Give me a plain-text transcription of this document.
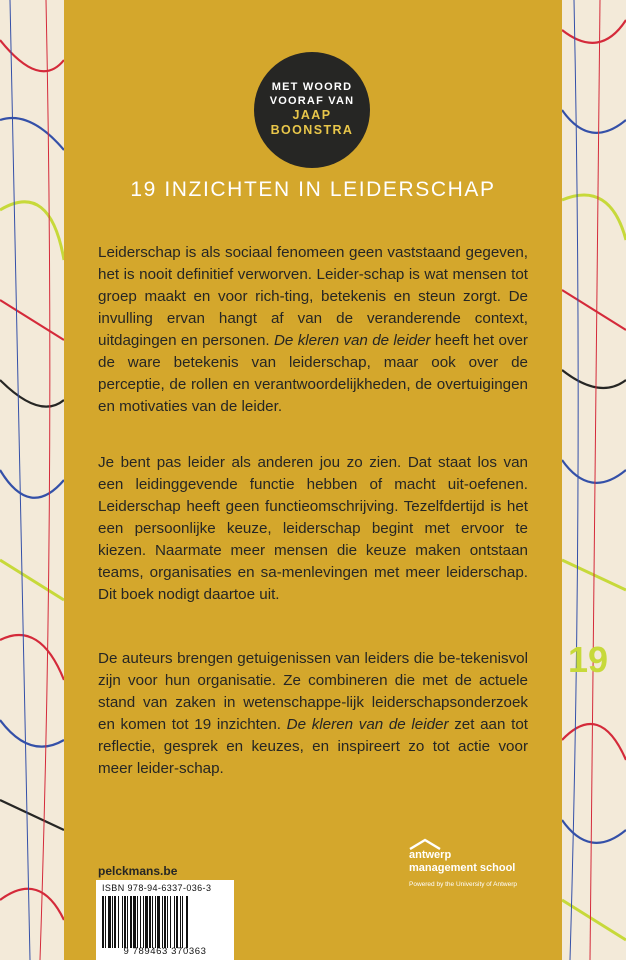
19
MET WOORD
VOORAF VAN
JAAP
BOONSTRA
19 INZICHTEN IN LEIDERSCHAP

Leiderschap is als sociaal fenomeen geen vaststaand gegeven, het is nooit definitief verworven. Leider-schap is wat mensen tot groep maakt en voor rich-ting, betekenis en steun zorgt. De invulling ervan hangt af van de veranderende context, uitdagingen en personen. De kleren van de leider heeft het over de ware betekenis van leiderschap, maar ook over de perceptie, de rollen en verantwoordelijkheden, de overtuigingen en motivaties van de leider.

Je bent pas leider als anderen jou zo zien. Dat staat los van een leidinggevende functie hebben of macht uit-oefenen. Leiderschap heeft geen functieomschrijving. Tezelfdertijd is het een persoonlijke keuze, leiderschap begint met ervoor te kiezen. Naarmate meer mensen die keuze maken ontstaan teams, organisaties en sa-menlevingen met meer leiderschap. Dit boek nodigt daartoe uit.

De auteurs brengen getuigenissen van leiders die be-tekenisvol zijn voor hun organisatie. Ze combineren die met de actuele stand van zaken in wetenschappe-lijk leiderschapsonderzoek en komen tot 19 inzichten. De kleren van de leider zet aan tot reflectie, gesprek en keuzes, en inspireert zo tot actie voor meer leider-schap.

pelckmans.be
ISBN 978-94-6337-036-3
9 789463 370363
antwerp
management school
Powered by the University of Antwerp
